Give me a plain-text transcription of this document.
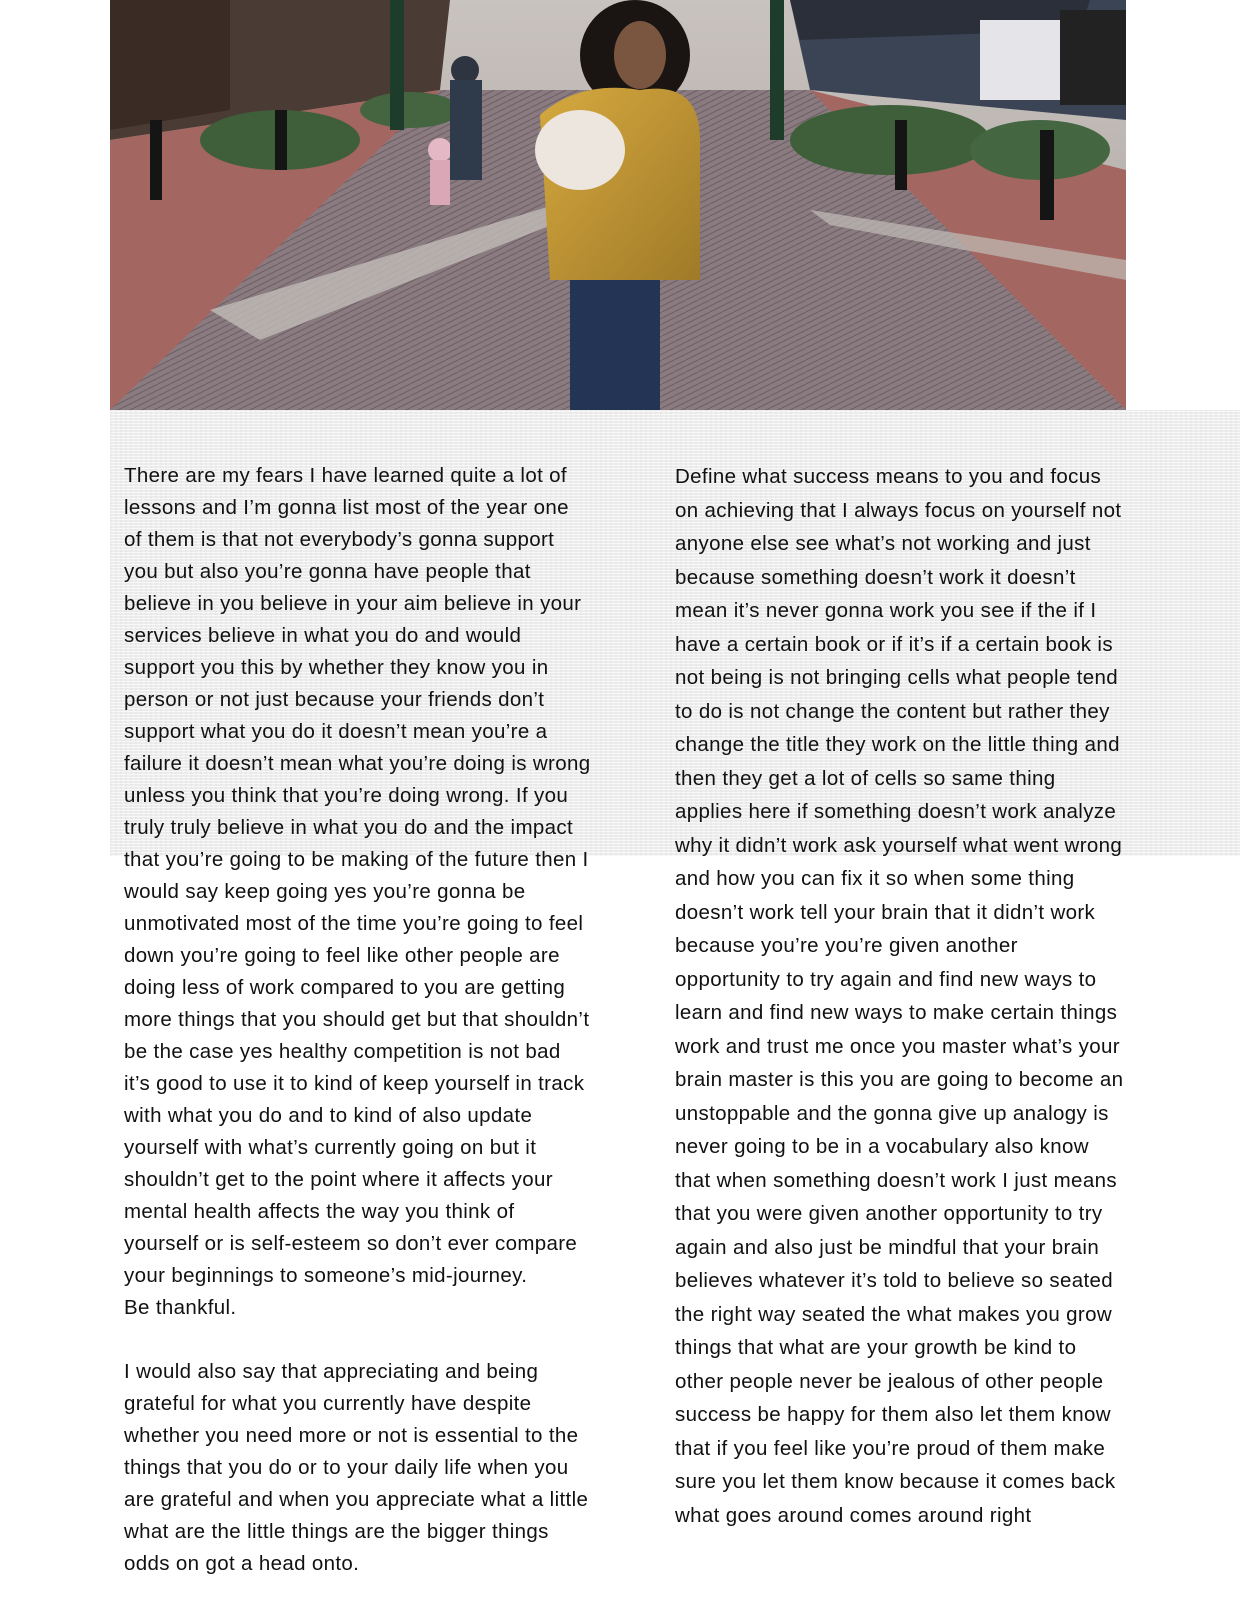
There are my fears I have learned quite a lot of
lessons and I’m gonna list most of the year one
of them is that not everybody’s gonna support
you but also you’re gonna have people that
believe in you believe in your aim believe in your
services believe in what you do and would
support you this by whether they know you in
person or not just because your friends don’t
support what you do it doesn’t mean you’re a
failure it doesn’t mean what you’re doing is wrong
unless you think that you’re doing wrong. If you
truly truly believe in what you do and the impact
that you’re going to be making of the future then I
would say keep going yes you’re gonna be
unmotivated most of the time you’re going to feel
down you’re going to feel like other people are
doing less of work compared to you are getting
more things that you should get but that shouldn’t
be the case yes healthy competition is not bad
it’s good to use it to kind of keep yourself in track
with what you do and to kind of also update
yourself with what’s currently going on but it
shouldn’t get to the point where it affects your
mental health affects the way you think of
yourself or is self-esteem so don’t ever compare
your beginnings to someone’s mid-journey.
Be thankful.
I would also say that appreciating and being
grateful for what you currently have despite
whether you need more or not is essential to the
things that you do or to your daily life when you
are grateful and when you appreciate what a little
what are the little things are the bigger things
odds on got a head onto.
Define what success means to you and focus
on achieving that I always focus on yourself not
anyone else see what’s not working and just
because something doesn’t work it doesn’t
mean it’s never gonna work you see if the if I
have a certain book or if it’s if a certain book is
not being is not bringing cells what people tend
to do is not change the content but rather they
change the title they work on the little thing and
then they get a lot of cells so same thing
applies here if something doesn’t work analyze
why it didn’t work ask yourself what went wrong
and how you can fix it so when some thing
doesn’t work tell your brain that it didn’t work
because you’re you’re given another
opportunity to try again and find new ways to
learn and find new ways to make certain things
work and trust me once you master what’s your
brain master is this you are going to become an
unstoppable and the gonna give up analogy is
never going to be in a vocabulary also know
that when something doesn’t work I just means
that you were given another opportunity to try
again and also just be mindful that your brain
believes whatever it’s told to believe so seated
the right way seated the what makes you grow
things that what are your growth be kind to
other people never be jealous of other people
success be happy for them also let them know
that if you feel like you’re proud of them make
sure you let them know because it comes back
what goes around comes around right
